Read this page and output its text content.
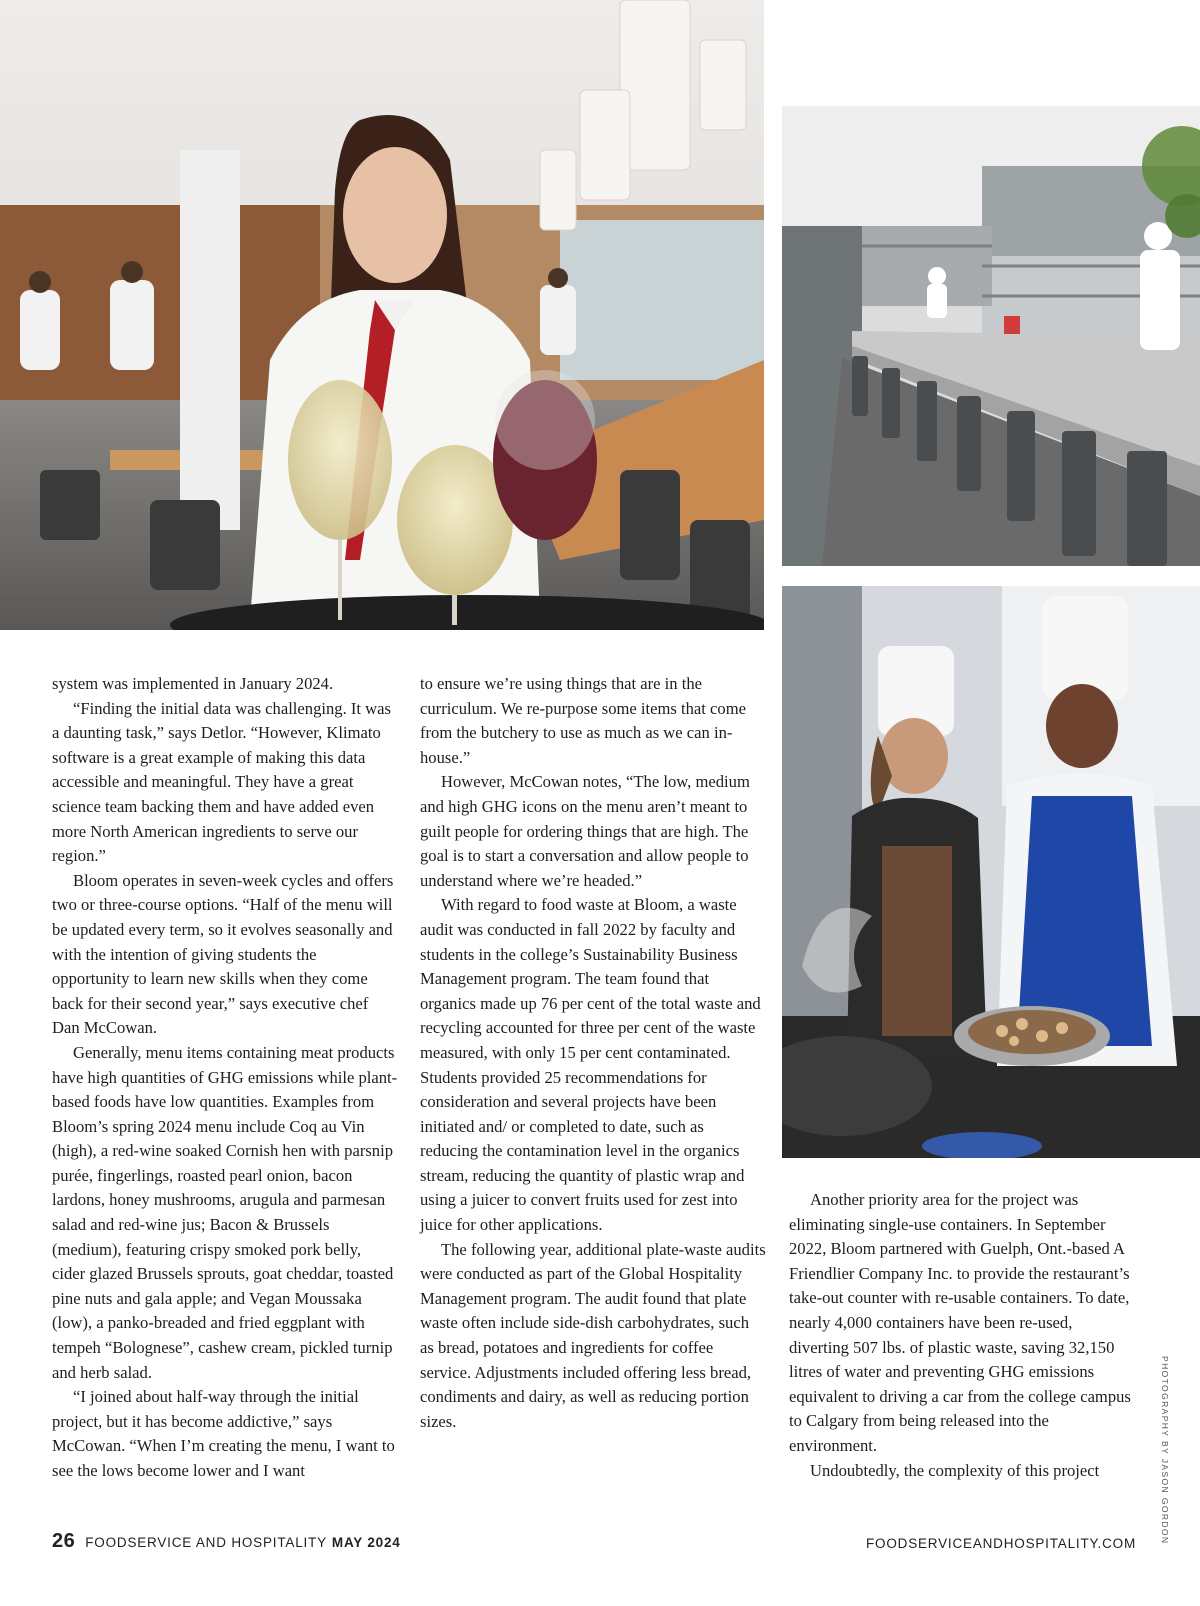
system was implemented in January 2024.

“Finding the initial data was challenging. It was a daunting task,” says Detlor. “However, Klimato software is a great example of making this data accessible and meaningful. They have a great science team backing them and have added even more North American ingredients to serve our region.”

Bloom operates in seven-week cycles and offers two or three-course options. “Half of the menu will be updated every term, so it evolves seasonally and with the intention of giving students the opportunity to learn new skills when they come back for their second year,” says executive chef Dan McCowan.

Generally, menu items containing meat products have high quantities of GHG emissions while plant-based foods have low quantities. Examples from Bloom’s spring 2024 menu include Coq au Vin (high), a red-wine soaked Cornish hen with parsnip purée, fingerlings, roasted pearl onion, bacon lardons, honey mushrooms, arugula and parmesan salad and red-wine jus; Bacon & Brussels (medium), featuring crispy smoked pork belly, cider glazed Brussels sprouts, goat cheddar, toasted pine nuts and gala apple; and Vegan Moussaka (low), a panko-breaded and fried eggplant with tempeh “Bolognese”, cashew cream, pickled turnip and herb salad.

“I joined about half-way through the initial project, but it has become addictive,” says McCowan. “When I’m creating the menu, I want to see the lows become lower and I want

to ensure we’re using things that are in the curriculum. We re-purpose some items that come from the butchery to use as much as we can in-house.”

However, McCowan notes, “The low, medium and high GHG icons on the menu aren’t meant to guilt people for ordering things that are high. The goal is to start a conversation and allow people to understand where we’re headed.”

With regard to food waste at Bloom, a waste audit was conducted in fall 2022 by faculty and students in the college’s Sustainability Business Management program. The team found that organics made up 76 per cent of the total waste and recycling accounted for three per cent of the waste measured, with only 15 per cent contaminated. Students provided 25 recommendations for consideration and several projects have been initiated and/ or completed to date, such as reducing the contamination level in the organics stream, reducing the quantity of plastic wrap and using a juicer to convert fruits used for zest into juice for other applications.

The following year, additional plate-waste audits were conducted as part of the Global Hospitality Management program. The audit found that plate waste often include side-dish carbohydrates, such as bread, potatoes and ingredients for coffee service. Adjustments included offering less bread, condiments and dairy, as well as reducing portion sizes.

Another priority area for the project was eliminating single-use containers. In September 2022, Bloom partnered with Guelph, Ont.-based A Friendlier Company Inc. to provide the restaurant’s take-out counter with re-usable containers. To date, nearly 4,000 containers have been re-used, diverting 507 lbs. of plastic waste, saving 32,150 litres of water and preventing GHG emissions equivalent to driving a car from the college campus to Calgary from being released into the environment.

Undoubtedly, the complexity of this project	PHOTOGRAPHY BY JASON GORDON
26 FOODSERVICE AND HOSPITALITY MAY 2024	FOODSERVICEANDHOSPITALITY.COM
